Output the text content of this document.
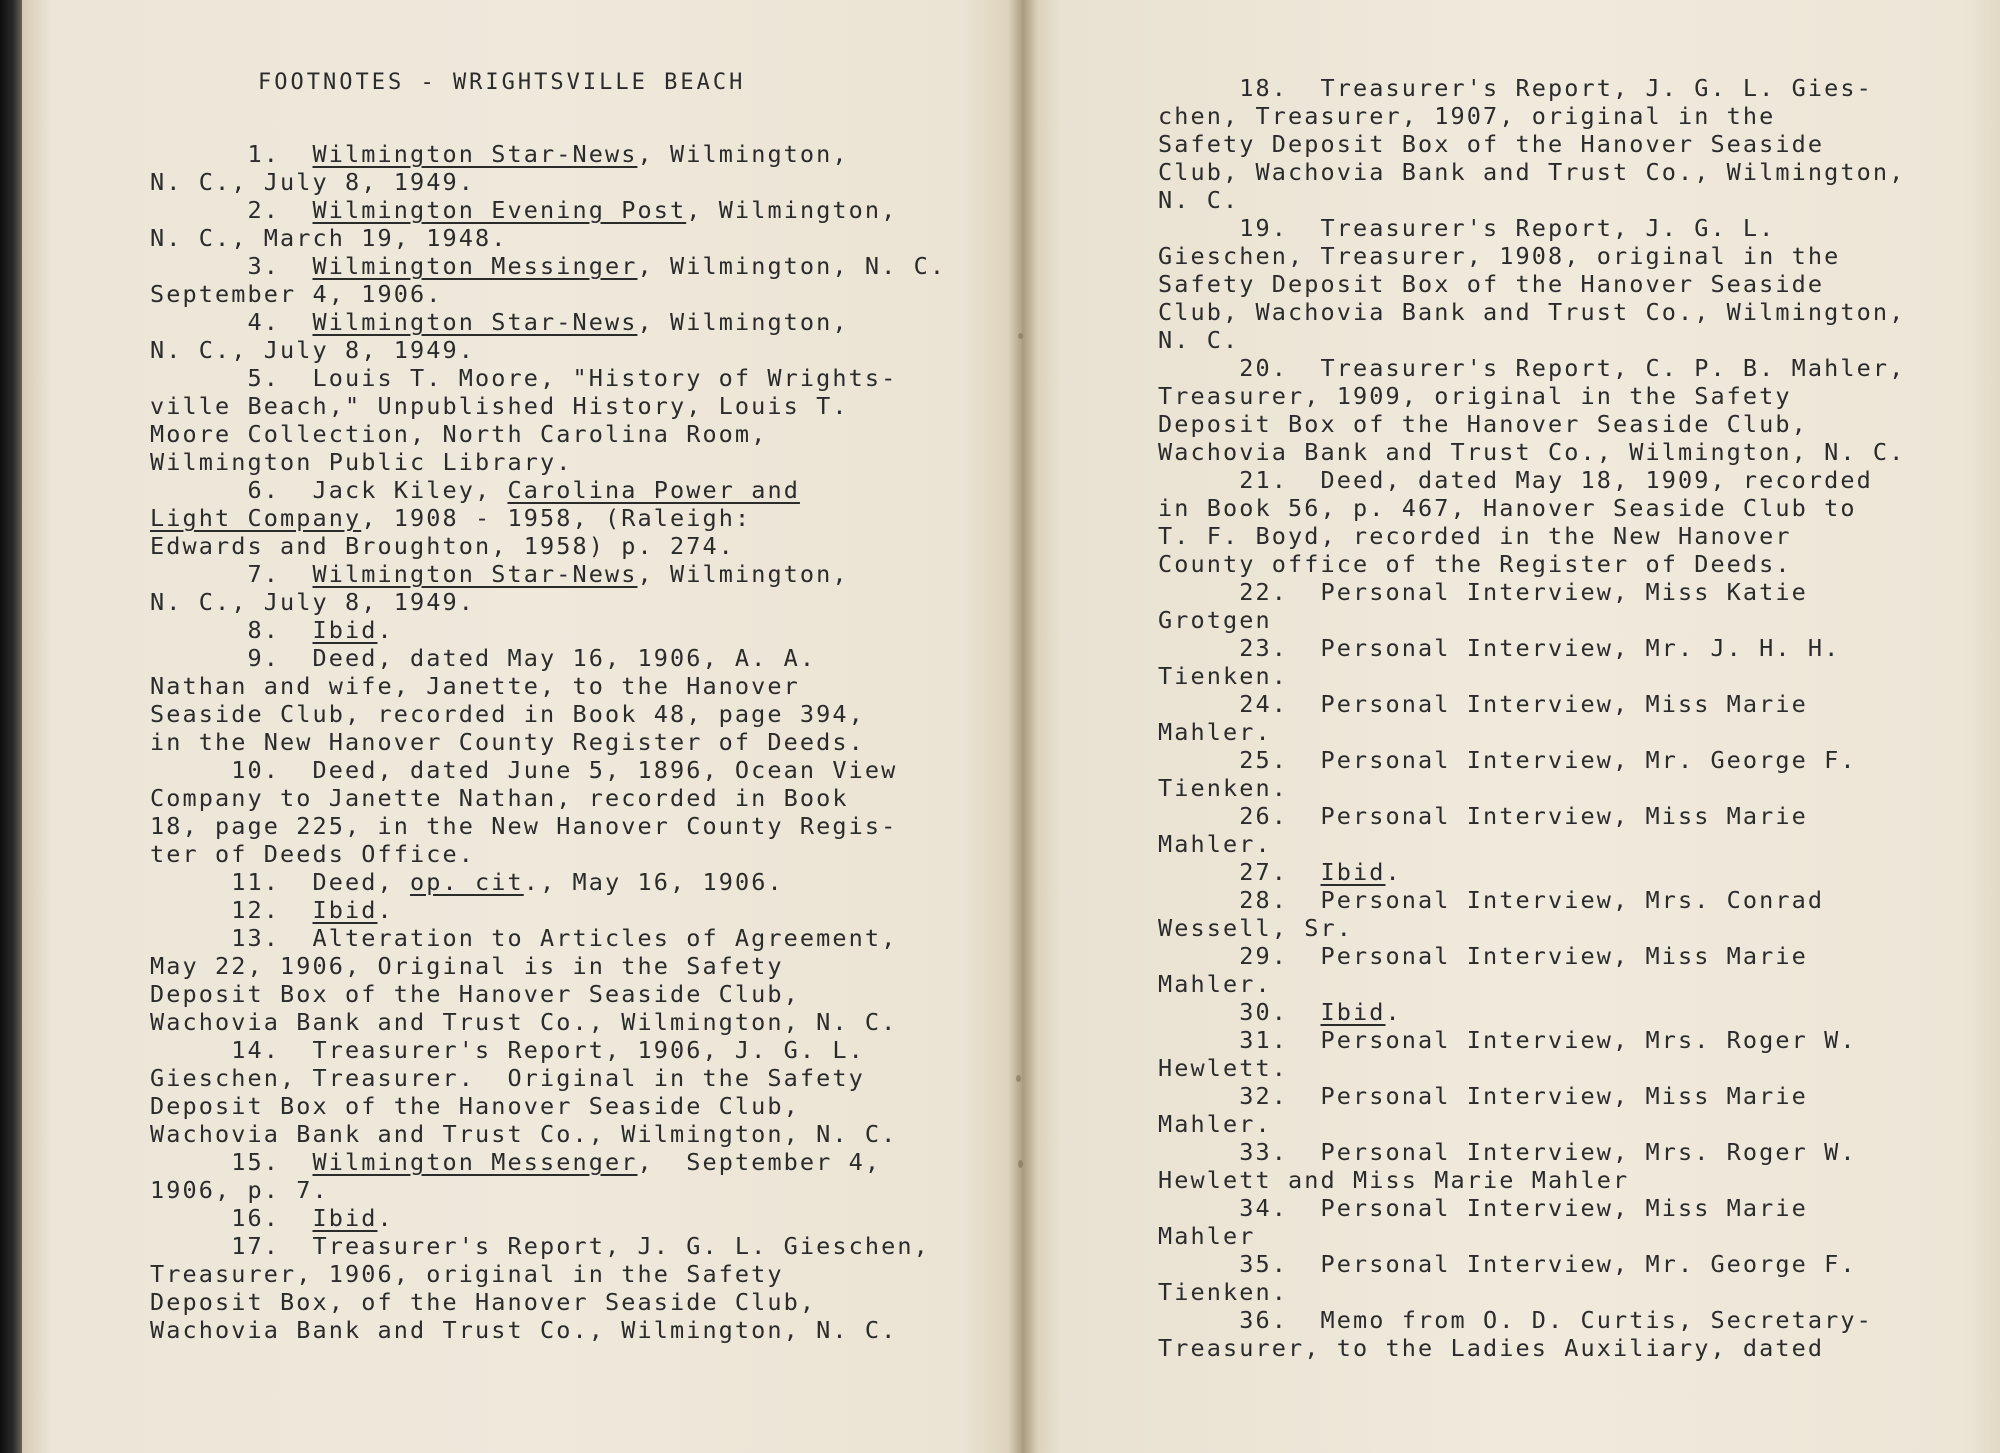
FOOTNOTES - WRIGHTSVILLE BEACH
1.  Wilmington Star-News, Wilmington,
N. C., July 8, 1949.
2.  Wilmington Evening Post, Wilmington,
N. C., March 19, 1948.
3.  Wilmington Messinger, Wilmington, N. C.
September 4, 1906.
4.  Wilmington Star-News, Wilmington,
N. C., July 8, 1949.
5.  Louis T. Moore, "History of Wrights-
ville Beach," Unpublished History, Louis T.
Moore Collection, North Carolina Room,
Wilmington Public Library.
6.  Jack Kiley, Carolina Power and
Light Company, 1908 - 1958, (Raleigh:
Edwards and Broughton, 1958) p. 274.
7.  Wilmington Star-News, Wilmington,
N. C., July 8, 1949.
8.  Ibid.
9.  Deed, dated May 16, 1906, A. A.
Nathan and wife, Janette, to the Hanover
Seaside Club, recorded in Book 48, page 394,
in the New Hanover County Register of Deeds.
10.  Deed, dated June 5, 1896, Ocean View
Company to Janette Nathan, recorded in Book
18, page 225, in the New Hanover County Regis-
ter of Deeds Office.
11.  Deed, op. cit., May 16, 1906.
12.  Ibid.
13.  Alteration to Articles of Agreement,
May 22, 1906, Original is in the Safety
Deposit Box of the Hanover Seaside Club,
Wachovia Bank and Trust Co., Wilmington, N. C.
14.  Treasurer's Report, 1906, J. G. L.
Gieschen, Treasurer.  Original in the Safety
Deposit Box of the Hanover Seaside Club,
Wachovia Bank and Trust Co., Wilmington, N. C.
15.  Wilmington Messenger,  September 4,
1906, p. 7.
16.  Ibid.
17.  Treasurer's Report, J. G. L. Gieschen,
Treasurer, 1906, original in the Safety
Deposit Box, of the Hanover Seaside Club,
Wachovia Bank and Trust Co., Wilmington, N. C.
18.  Treasurer's Report, J. G. L. Gies-
chen, Treasurer, 1907, original in the
Safety Deposit Box of the Hanover Seaside
Club, Wachovia Bank and Trust Co., Wilmington,
N. C.
19.  Treasurer's Report, J. G. L.
Gieschen, Treasurer, 1908, original in the
Safety Deposit Box of the Hanover Seaside
Club, Wachovia Bank and Trust Co., Wilmington,
N. C.
20.  Treasurer's Report, C. P. B. Mahler,
Treasurer, 1909, original in the Safety
Deposit Box of the Hanover Seaside Club,
Wachovia Bank and Trust Co., Wilmington, N. C.
21.  Deed, dated May 18, 1909, recorded
in Book 56, p. 467, Hanover Seaside Club to
T. F. Boyd, recorded in the New Hanover
County office of the Register of Deeds.
22.  Personal Interview, Miss Katie
Grotgen
23.  Personal Interview, Mr. J. H. H.
Tienken.
24.  Personal Interview, Miss Marie
Mahler.
25.  Personal Interview, Mr. George F.
Tienken.
26.  Personal Interview, Miss Marie
Mahler.
27.  Ibid.
28.  Personal Interview, Mrs. Conrad
Wessell, Sr.
29.  Personal Interview, Miss Marie
Mahler.
30.  Ibid.
31.  Personal Interview, Mrs. Roger W.
Hewlett.
32.  Personal Interview, Miss Marie
Mahler.
33.  Personal Interview, Mrs. Roger W.
Hewlett and Miss Marie Mahler
34.  Personal Interview, Miss Marie
Mahler
35.  Personal Interview, Mr. George F.
Tienken.
36.  Memo from O. D. Curtis, Secretary-
Treasurer, to the Ladies Auxiliary, dated
